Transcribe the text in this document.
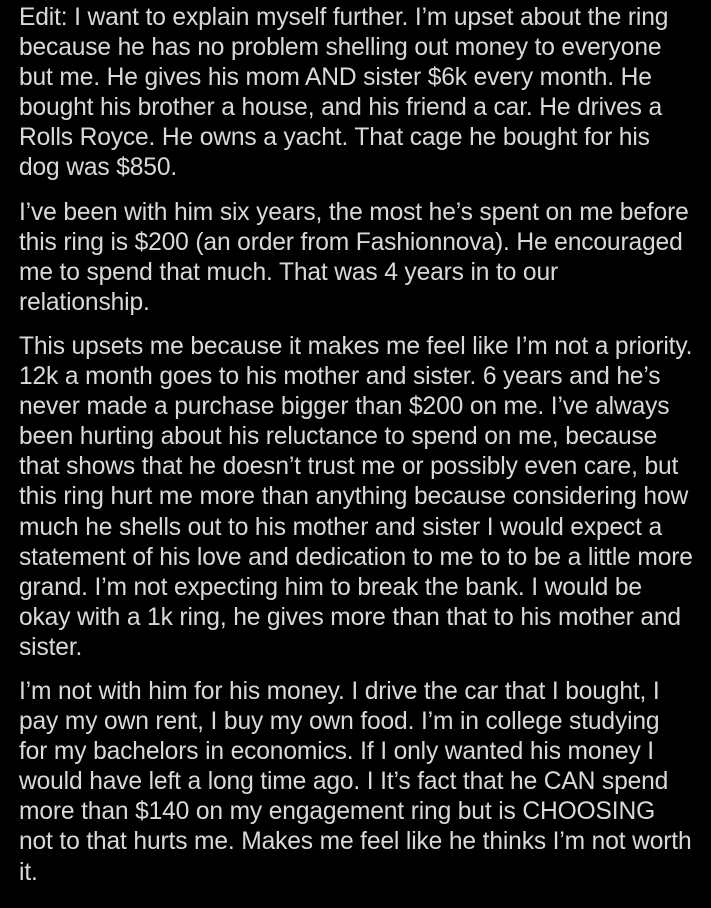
Edit: I want to explain myself further. I’m upset about the ring because he has no problem shelling out money to everyone but me. He gives his mom AND sister $6k every month. He bought his brother a house, and his friend a car. He drives a Rolls Royce. He owns a yacht. That cage he bought for his dog was $850.

I’ve been with him six years, the most he’s spent on me before this ring is $200 (an order from Fashionnova). He encouraged me to spend that much. That was 4 years in to our relationship.

This upsets me because it makes me feel like I’m not a priority. 12k a month goes to his mother and sister. 6 years and he’s never made a purchase bigger than $200 on me. I’ve always been hurting about his reluctance to spend on me, because that shows that he doesn’t trust me or possibly even care, but this ring hurt me more than anything because considering how much he shells out to his mother and sister I would expect a statement of his love and dedication to me to to be a little more grand. I’m not expecting him to break the bank. I would be okay with a 1k ring, he gives more than that to his mother and sister.

I’m not with him for his money. I drive the car that I bought, I pay my own rent, I buy my own food. I’m in college studying for my bachelors in economics. If I only wanted his money I would have left a long time ago. I It’s fact that he CAN spend more than $140 on my engagement ring but is CHOOSING not to that hurts me. Makes me feel like he thinks I’m not worth it.
